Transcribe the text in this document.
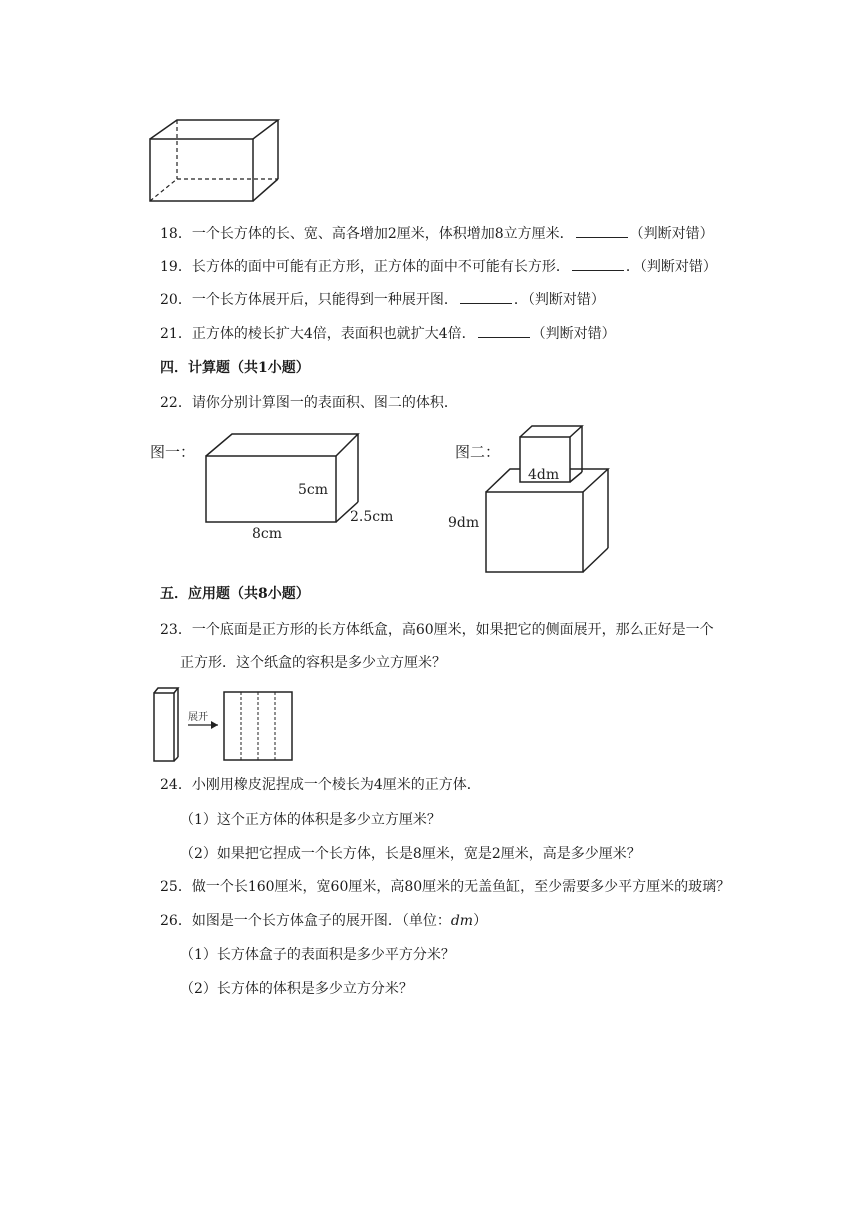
18．一个长方体的长、宽、高各增加2厘米，体积增加8立方厘米．	（判断对错）
19．长方体的面中可能有正方形，正方体的面中不可能有长方形．	．（判断对错）
20．一个长方体展开后，只能得到一种展开图．	．（判断对错）
21．正方体的棱长扩大4倍，表面积也就扩大4倍．	（判断对错）
四．计算题（共1小题）
22．请你分别计算图一的表面积、图二的体积．
图一：
5cm
2.5cm
8cm
图二：
4dm
9dm
五．应用题（共8小题）
23．一个底面是正方形的长方体纸盒，高60厘米，如果把它的侧面展开，那么正好是一个
正方形．这个纸盒的容积是多少立方厘米？
展开
24．小刚用橡皮泥捏成一个棱长为4厘米的正方体．
（1）这个正方体的体积是多少立方厘米？
（2）如果把它捏成一个长方体，长是8厘米，宽是2厘米，高是多少厘米？
25．做一个长160厘米，宽60厘米，高80厘米的无盖鱼缸，至少需要多少平方厘米的玻璃？
26．如图是一个长方体盒子的展开图．（单位：dm）
（1）长方体盒子的表面积是多少平方分米？
（2）长方体的体积是多少立方分米？
